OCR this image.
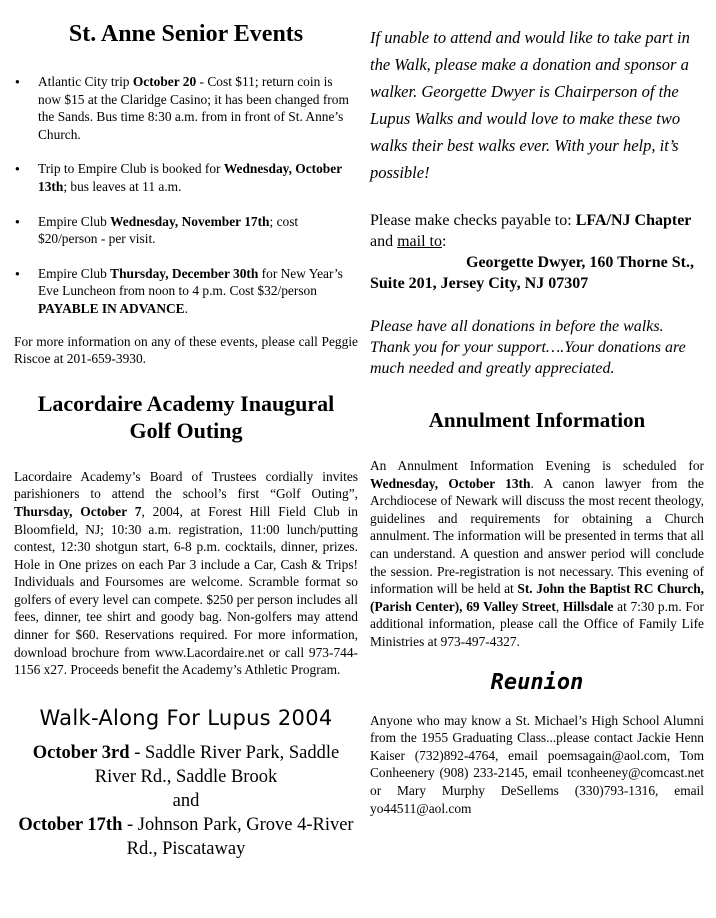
St. Anne Senior Events
● Atlantic City trip October 20 - Cost $11; return coin is now $15 at the Claridge Casino; it has been changed from the Sands. Bus time 8:30 a.m. from in front of St. Anne’s Church.
● Trip to Empire Club is booked for Wednesday, October 13th; bus leaves at 11 a.m.
● Empire Club Wednesday, November 17th; cost $20/person - per visit.
● Empire Club Thursday, December 30th for New Year’s Eve Luncheon from noon to 4 p.m. Cost $32/person PAYABLE IN ADVANCE.

For more information on any of these events, please call Peggie Riscoe at 201-659-3930.

Lacordaire Academy Inaugural
Golf Outing

Lacordaire Academy’s Board of Trustees cordially invites parishioners to attend the school’s first “Golf Outing”, Thursday, October 7, 2004, at Forest Hill Field Club in Bloomfield, NJ; 10:30 a.m. registration, 11:00 lunch/putting contest, 12:30 shotgun start, 6-8 p.m. cocktails, dinner, prizes. Hole in One prizes on each Par 3 include a Car, Cash & Trips! Individuals and Foursomes are welcome. Scramble format so golfers of every level can compete. $250 per person includes all fees, dinner, tee shirt and goody bag. Non-golfers may attend dinner for $60. Reservations required. For more information, download brochure from www.Lacordaire.net or call 973-744-1156 x27. Proceeds benefit the Academy’s Athletic Program.

Walk-Along For Lupus 2004

October 3rd - Saddle River Park, Saddle River Rd., Saddle Brook

and

October 17th - Johnson Park, Grove 4-River Rd., Piscataway

If unable to attend and would like to take part in the Walk, please make a donation and sponsor a walker. Georgette Dwyer is Chairperson of the Lupus Walks and would love to make these two walks their best walks ever. With your help, it’s possible!

Please make checks payable to: LFA/NJ Chapter and mail to:

Georgette Dwyer, 160 Thorne St., Suite 201, Jersey City, NJ 07307

Please have all donations in before the walks. Thank you for your support….Your donations are much needed and greatly appreciated.

Annulment Information

An Annulment Information Evening is scheduled for Wednesday, October 13th. A canon lawyer from the Archdiocese of Newark will discuss the most recent theology, guidelines and requirements for obtaining a Church annulment. The information will be presented in terms that all can understand. A question and answer period will conclude the session. Pre-registration is not necessary. This evening of information will be held at St. John the Baptist RC Church, (Parish Center), 69 Valley Street, Hillsdale at 7:30 p.m. For additional information, please call the Office of Family Life Ministries at 973-497-4327.

Reunion

Anyone who may know a St. Michael’s High School Alumni from the 1955 Graduating Class...please contact Jackie Henn Kaiser (732)892-4764, email poemsagain@aol.com, Tom Conheenery (908) 233-2145, email tconheeney@comcast.net or Mary Murphy DeSellems (330)793-1316, email yo44511@aol.com
